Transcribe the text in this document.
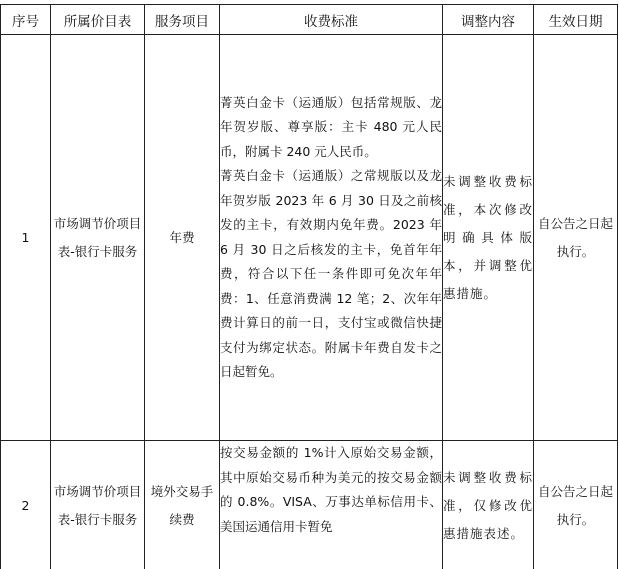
序号	所属价目表	服务项目	收费标准	调整内容	生效日期
1	市场调节价项目表-银行卡服务	年费	菁英白金卡（运通版）包括常规版、龙年贺岁版、尊享版：主卡 480 元人民币，附属卡 240 元人民币。

菁英白金卡（运通版）之常规版以及龙年贺岁版 2023 年 6 月 30 日及之前核发的主卡，有效期内免年费。2023 年 6 月 30 日之后核发的主卡，免首年年费，符合以下任一条件即可免次年年费：1、任意消费满 12 笔；2、次年年费计算日的前一日，支付宝或微信快捷支付为绑定状态。附属卡年费自发卡之日起暂免。	未调整收费标准，本次修改明确具体版本，并调整优惠措施。	自公告之日起执行。
2	市场调节价项目表-银行卡服务	境外交易手续费	按交易金额的 1%计入原始交易金额，其中原始交易币种为美元的按交易金额的 0.8%。VISA、万事达单标信用卡、美国运通信用卡暂免	未调整收费标准，仅修改优惠措施表述。	自公告之日起执行。
